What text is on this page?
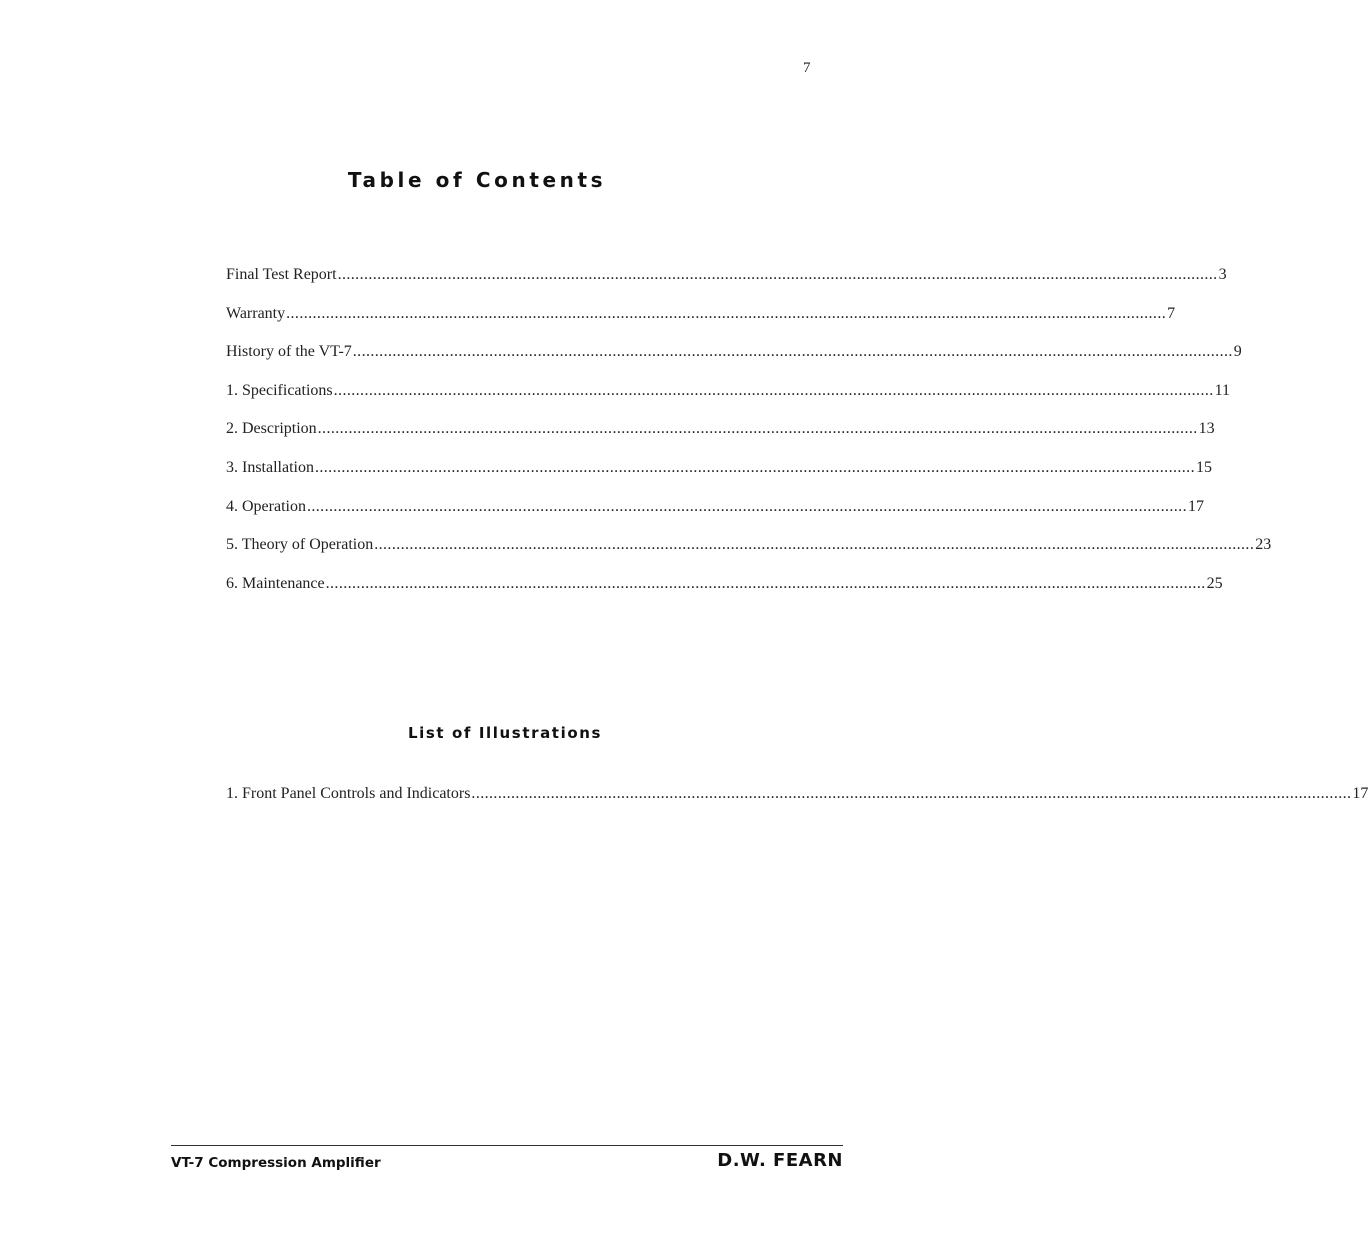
7
Table of Contents
Final Test Report ........................................................................................................................................................................................................ 3
Warranty ........................................................................................................................................................................................................ 7
History of the VT-7 ........................................................................................................................................................................................................ 9
1. Specifications ........................................................................................................................................................................................................ 11
2. Description ........................................................................................................................................................................................................ 13
3. Installation ........................................................................................................................................................................................................ 15
4. Operation ........................................................................................................................................................................................................ 17
5. Theory of Operation ........................................................................................................................................................................................................ 23
6. Maintenance ........................................................................................................................................................................................................ 25
List of Illustrations
1. Front Panel Controls and Indicators ........................................................................................................................................................................................................ 17
VT-7 Compression Amplifier	D.W. FEARN
